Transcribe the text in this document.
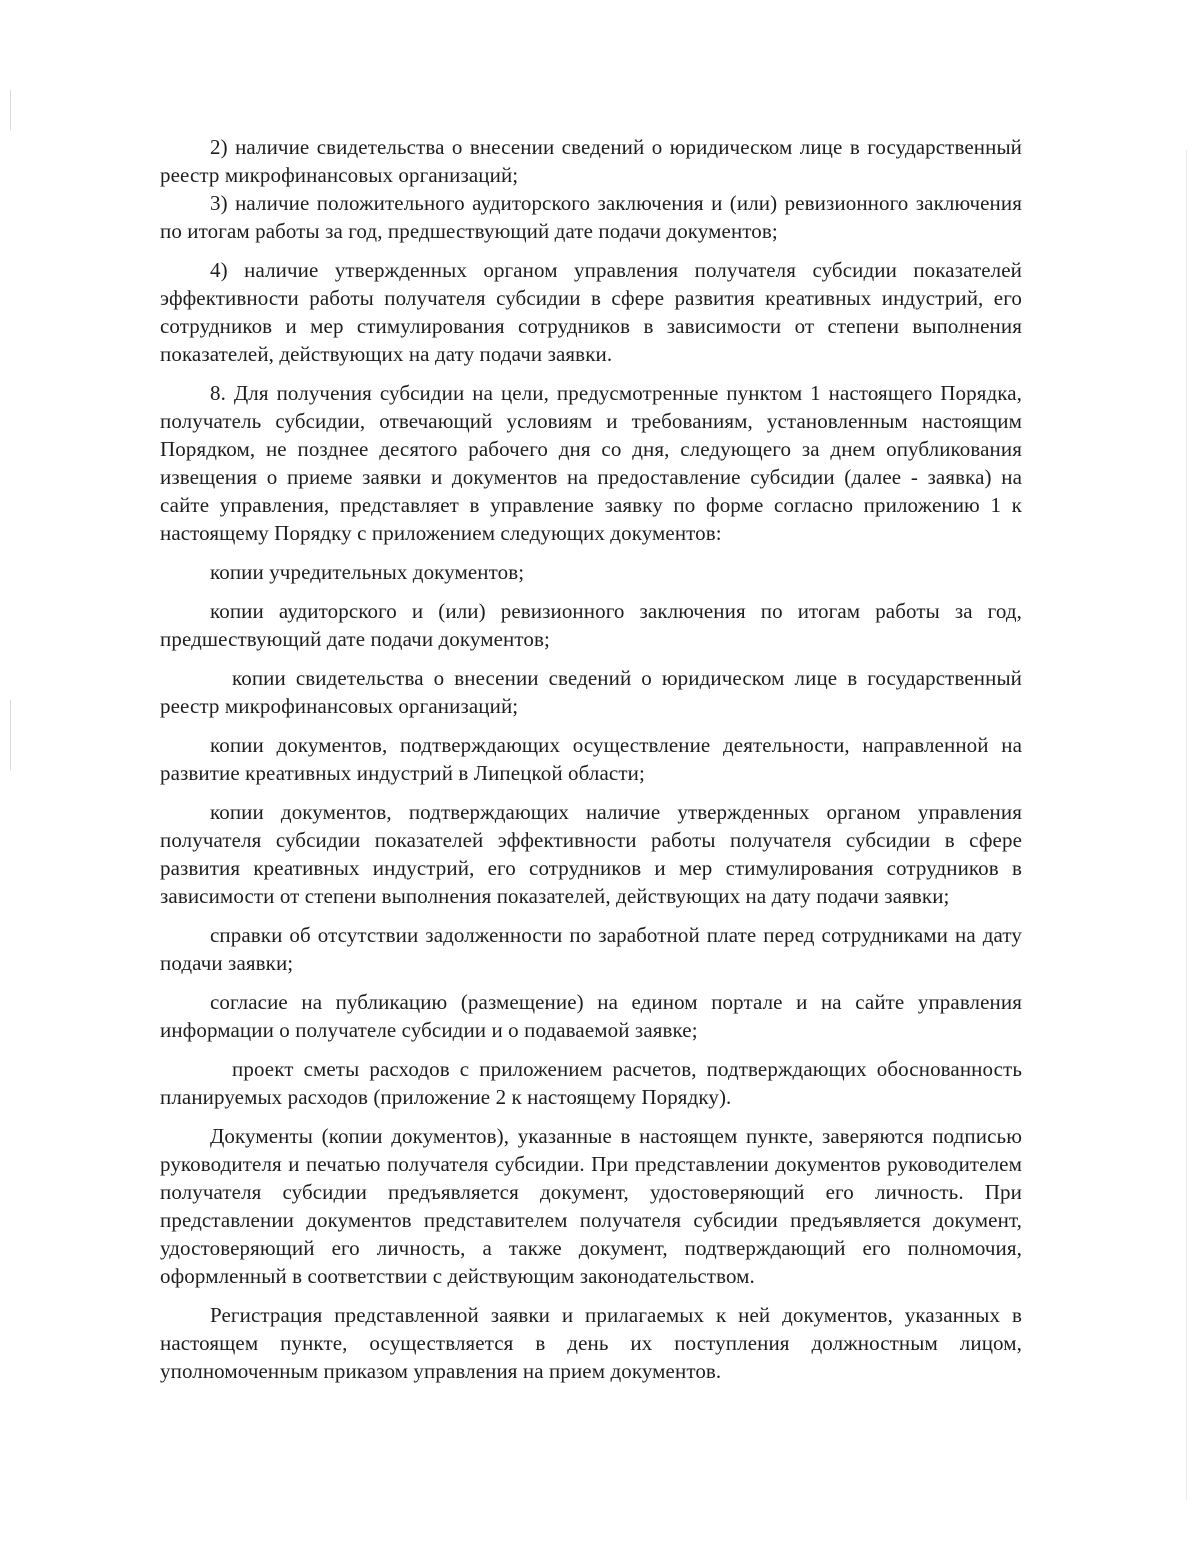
2) наличие свидетельства о внесении сведений о юридическом лице в государственный реестр микрофинансовых организаций;

3) наличие положительного аудиторского заключения и (или) ревизионного заключения по итогам работы за год, предшествующий дате подачи документов;

4) наличие утвержденных органом управления получателя субсидии показателей эффективности работы получателя субсидии в сфере развития креативных индустрий, его сотрудников и мер стимулирования сотрудников в зависимости от степени выполнения показателей, действующих на дату подачи заявки.

8. Для получения субсидии на цели, предусмотренные пунктом 1 настоящего Порядка, получатель субсидии, отвечающий условиям и требованиям, установленным настоящим Порядком, не позднее десятого рабочего дня со дня, следующего за днем опубликования извещения о приеме заявки и документов на предоставление субсидии (далее - заявка) на сайте управления, представляет в управление заявку по форме согласно приложению 1 к настоящему Порядку с приложением следующих документов:

копии учредительных документов;

копии аудиторского и (или) ревизионного заключения по итогам работы за год, предшествующий дате подачи документов;

копии свидетельства о внесении сведений о юридическом лице в государственный реестр микрофинансовых организаций;

копии документов, подтверждающих осуществление деятельности, направленной на развитие креативных индустрий в Липецкой области;

копии документов, подтверждающих наличие утвержденных органом управления получателя субсидии показателей эффективности работы получателя субсидии в сфере развития креативных индустрий, его сотрудников и мер стимулирования сотрудников в зависимости от степени выполнения показателей, действующих на дату подачи заявки;

справки об отсутствии задолженности по заработной плате перед сотрудниками на дату подачи заявки;

согласие на публикацию (размещение) на едином портале и на сайте управления информации о получателе субсидии и о подаваемой заявке;

проект сметы расходов с приложением расчетов, подтверждающих обоснованность планируемых расходов (приложение 2 к настоящему Порядку).

Документы (копии документов), указанные в настоящем пункте, заверяются подписью руководителя и печатью получателя субсидии. При представлении документов руководителем получателя субсидии предъявляется документ, удостоверяющий его личность. При представлении документов представителем получателя субсидии предъявляется документ, удостоверяющий его личность, а также документ, подтверждающий его полномочия, оформленный в соответствии с действующим законодательством.

Регистрация представленной заявки и прилагаемых к ней документов, указанных в настоящем пункте, осуществляется в день их поступления должностным лицом, уполномоченным приказом управления на прием документов.
